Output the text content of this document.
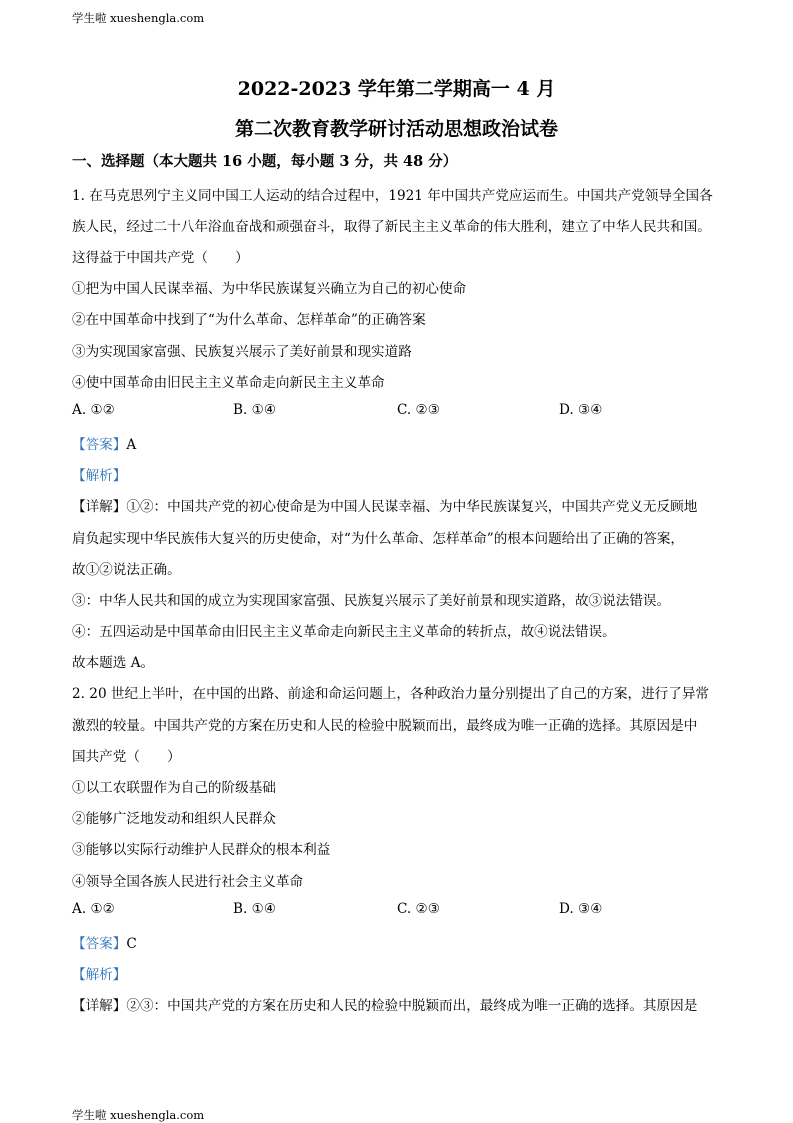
学生啦 xueshengla.com
2022-2023 学年第二学期高一 4 月
第二次教育教学研讨活动思想政治试卷
一、选择题（本大题共 16 小题，每小题 3 分，共 48 分）
1. 在马克思列宁主义同中国工人运动的结合过程中，1921 年中国共产党应运而生。中国共产党领导全国各
族人民，经过二十八年浴血奋战和顽强奋斗，取得了新民主主义革命的伟大胜利，建立了中华人民共和国。
这得益于中国共产党（　　）
①把为中国人民谋幸福、为中华民族谋复兴确立为自己的初心使命
②在中国革命中找到了“为什么革命、怎样革命”的正确答案
③为实现国家富强、民族复兴展示了美好前景和现实道路
④使中国革命由旧民主主义革命走向新民主主义革命
A. ①②	B. ①④	C. ②③	D. ③④
【答案】A
【解析】
【详解】①②：中国共产党的初心使命是为中国人民谋幸福、为中华民族谋复兴，中国共产党义无反顾地
肩负起实现中华民族伟大复兴的历史使命，对“为什么革命、怎样革命”的根本问题给出了正确的答案，
故①②说法正确。
③：中华人民共和国的成立为实现国家富强、民族复兴展示了美好前景和现实道路，故③说法错误。
④：五四运动是中国革命由旧民主主义革命走向新民主主义革命的转折点，故④说法错误。
故本题选 A。
2. 20 世纪上半叶，在中国的出路、前途和命运问题上，各种政治力量分别提出了自己的方案，进行了异常
激烈的较量。中国共产党的方案在历史和人民的检验中脱颖而出，最终成为唯一正确的选择。其原因是中
国共产党（　　）
①以工农联盟作为自己的阶级基础
②能够广泛地发动和组织人民群众
③能够以实际行动维护人民群众的根本利益
④领导全国各族人民进行社会主义革命
A. ①②	B. ①④	C. ②③	D. ③④
【答案】C
【解析】
【详解】②③：中国共产党的方案在历史和人民的检验中脱颖而出，最终成为唯一正确的选择。其原因是
学生啦 xueshengla.com
